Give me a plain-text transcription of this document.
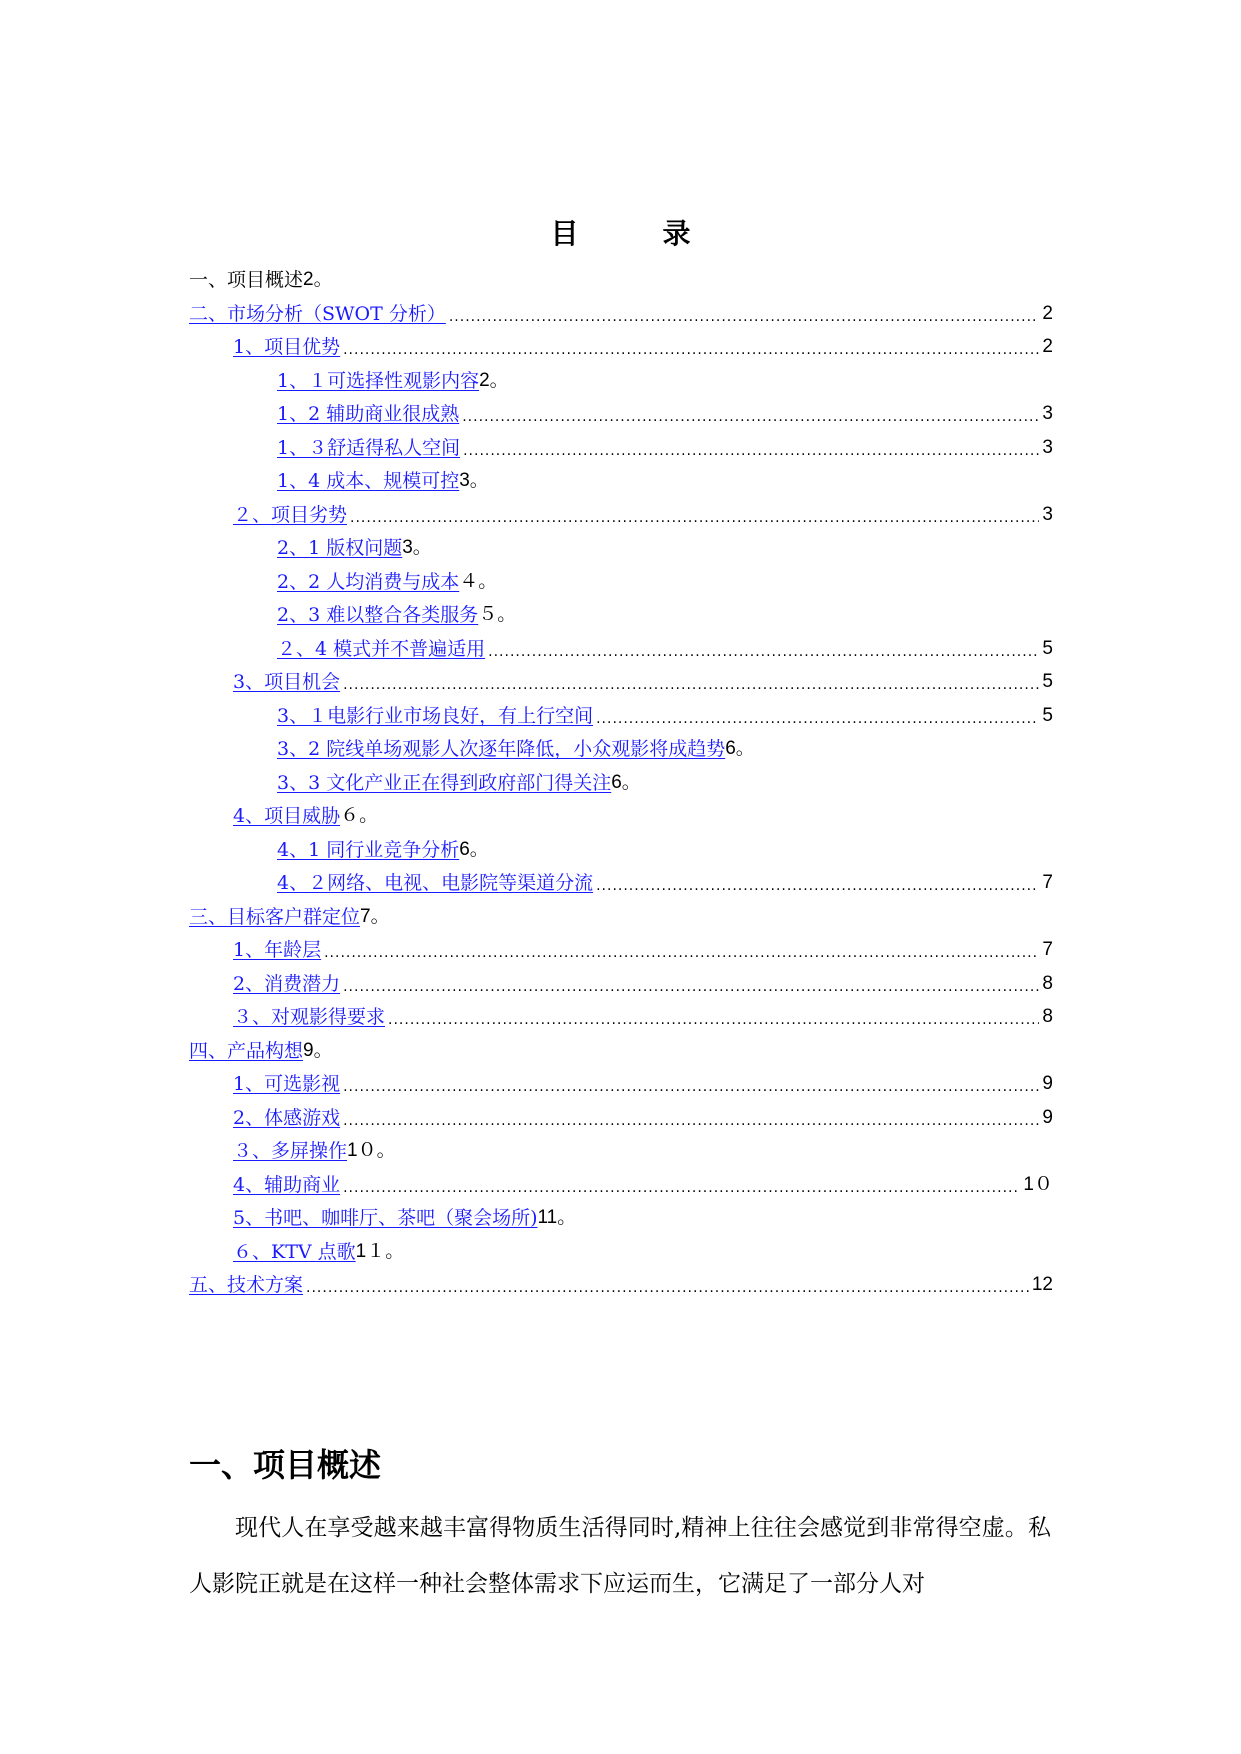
目　录
一、项目概述 2。
二、市场分析（SWOT 分析） .....	2
1、项目优势 .....	2
1、１可选择性观影内容 2。
1、2 辅助商业很成熟 .....	3
1、３舒适得私人空间 .....	3
1、4 成本、规模可控 3。
２、项目劣势 .....	3
2、1 版权问题 3。
2、2 人均消费与成本 ４。
2、3 难以整合各类服务 ５。
２、4 模式并不普遍适用 .....	5
3、项目机会 .....	5
3、１电影行业市场良好，有上行空间 .....	5
3、2 院线单场观影人次逐年降低，小众观影将成趋势 6。
3、3 文化产业正在得到政府部门得关注 6。
4、项目威胁 ６。
4、1 同行业竞争分析 6。
4、２网络、电视、电影院等渠道分流 .....	7
三、目标客户群定位 7。
1、年龄层 .....	7
2、消费潜力 .....	8
３、对观影得要求 .....	8
四、产品构想 9。
1、可选影视 .....	9
2、体感游戏 .....	9
３、多屏操作 1０。
4、辅助商业 .....	1０
5、书吧、咖啡厅、茶吧（聚会场所) 11。
６、KTV 点歌 1１。
五、技术方案 .....	12
一、项目概述
现代人在享受越来越丰富得物质生活得同时,精神上往往会感觉到非常得空虚。私人影院正就是在这样一种社会整体需求下应运而生，它满足了一部分人对
